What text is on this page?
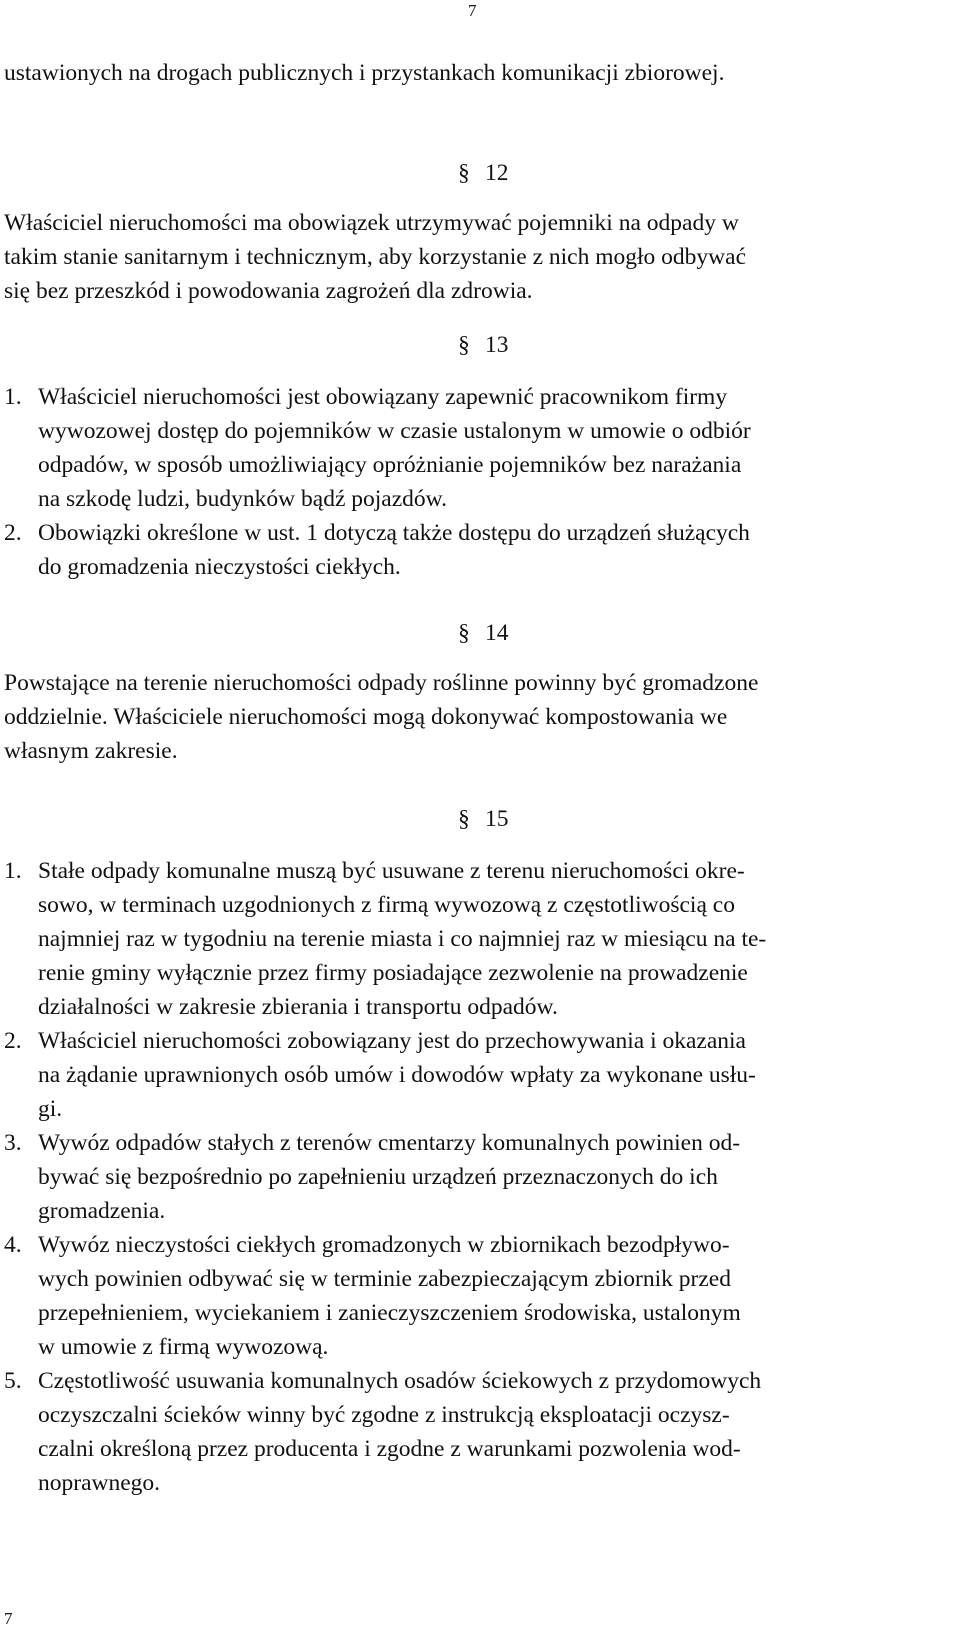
7

ustawionych na drogach publicznych i przystankach komunikacji zbiorowej.

§ 12
Właściciel nieruchomości ma obowiązek utrzymywać pojemniki na odpady w
takim stanie sanitarnym i technicznym, aby korzystanie z nich mogło odbywać
się bez przeszkód i powodowania zagrożeń dla zdrowia.
§ 13
1. Właściciel nieruchomości jest obowiązany zapewnić pracownikom firmy
wywozowej dostęp do pojemników w czasie ustalonym w umowie o odbiór
odpadów, w sposób umożliwiający opróżnianie pojemników bez narażania
na szkodę ludzi, budynków bądź pojazdów.
2. Obowiązki określone w ust. 1 dotyczą także dostępu do urządzeń służących
do gromadzenia nieczystości ciekłych.
§ 14
Powstające na terenie nieruchomości odpady roślinne powinny być gromadzone
oddzielnie. Właściciele nieruchomości mogą dokonywać kompostowania we
własnym zakresie.
§ 15
1. Stałe odpady komunalne muszą być usuwane z terenu nieruchomości okre-
sowo, w terminach uzgodnionych z firmą wywozową z częstotliwością co
najmniej raz w tygodniu na terenie miasta i co najmniej raz w miesiącu na te-
renie gminy wyłącznie przez firmy posiadające zezwolenie na prowadzenie
działalności w zakresie zbierania i transportu odpadów.
2. Właściciel nieruchomości zobowiązany jest do przechowywania i okazania
na żądanie uprawnionych osób umów i dowodów wpłaty za wykonane usłu-
gi.
3. Wywóz odpadów stałych z terenów cmentarzy komunalnych powinien od-
bywać się bezpośrednio po zapełnieniu urządzeń przeznaczonych do ich
gromadzenia.
4. Wywóz nieczystości ciekłych gromadzonych w zbiornikach bezodpływo-
wych powinien odbywać się w terminie zabezpieczającym zbiornik przed
przepełnieniem, wyciekaniem i zanieczyszczeniem środowiska, ustalonym
w umowie z firmą wywozową.
5. Częstotliwość usuwania komunalnych osadów ściekowych z przydomowych
oczyszczalni ścieków winny być zgodne z instrukcją eksploatacji oczysz-
czalni określoną przez producenta i zgodne z warunkami pozwolenia wod-
noprawnego.
7
